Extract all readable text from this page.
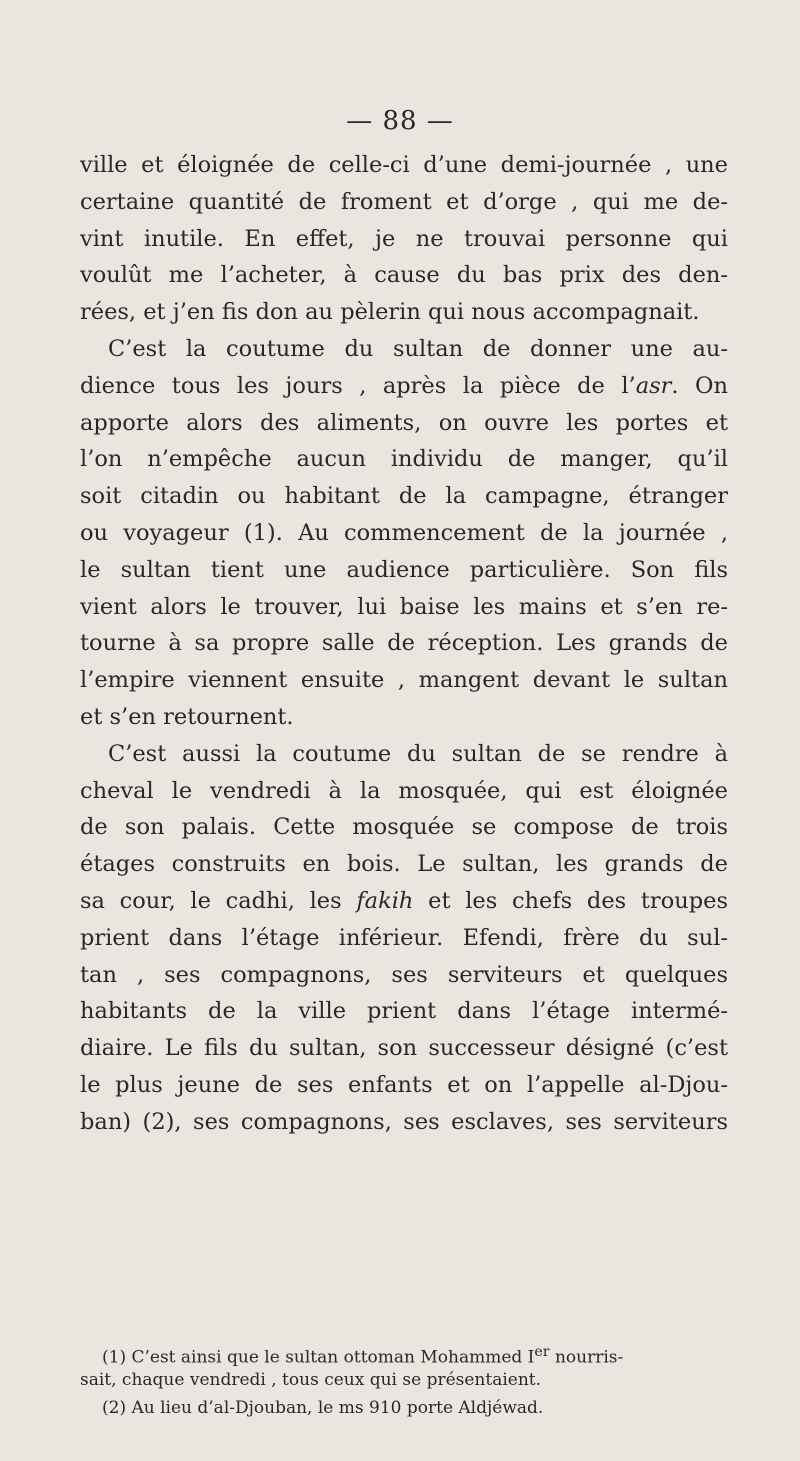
— 88 —

ville et éloignée de celle-ci d’une demi-journée , une
certaine quantité de froment et d’orge , qui me de-
vint inutile. En effet, je ne trouvai personne qui
voulût me l’acheter, à cause du bas prix des den-
rées, et j’en fis don au pèlerin qui nous accompagnait.

C’est la coutume du sultan de donner une au-
dience tous les jours , après la pièce de l’asr. On
apporte alors des aliments, on ouvre les portes et
l’on n’empêche aucun individu de manger, qu’il
soit citadin ou habitant de la campagne, étranger
ou voyageur (1). Au commencement de la journée ,
le sultan tient une audience particulière. Son fils
vient alors le trouver, lui baise les mains et s’en re-
tourne à sa propre salle de réception. Les grands de
l’empire viennent ensuite , mangent devant le sultan
et s’en retournent.

C’est aussi la coutume du sultan de se rendre à
cheval le vendredi à la mosquée, qui est éloignée
de son palais. Cette mosquée se compose de trois
étages construits en bois. Le sultan, les grands de
sa cour, le cadhi, les fakih et les chefs des troupes
prient dans l’étage inférieur. Efendi, frère du sul-
tan , ses compagnons, ses serviteurs et quelques
habitants de la ville prient dans l’étage intermé-
diaire. Le fils du sultan, son successeur désigné (c’est
le plus jeune de ses enfants et on l’appelle al-Djou-
ban) (2), ses compagnons, ses esclaves, ses serviteurs

(1) C’est ainsi que le sultan ottoman Mohammed Ier nourris-
sait, chaque vendredi , tous ceux qui se présentaient.
(2) Au lieu d’al-Djouban, le ms 910 porte Aldjéwad.
